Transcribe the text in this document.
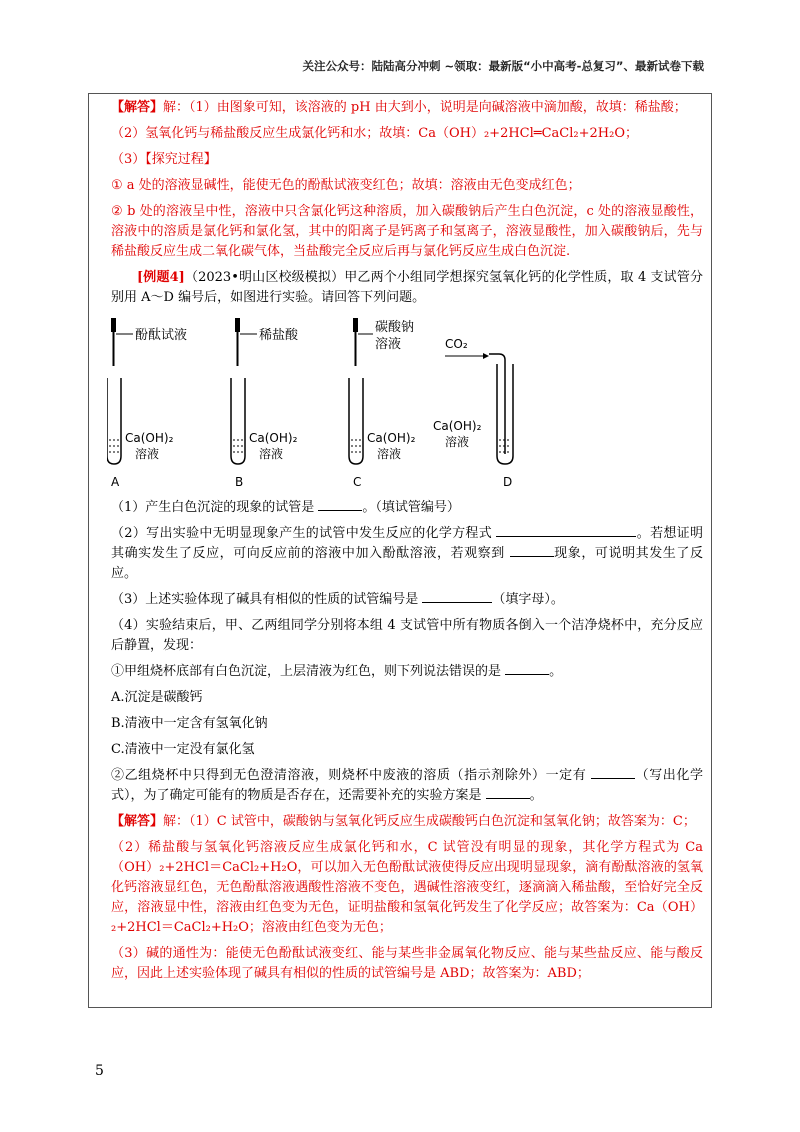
关注公众号：陆陆高分冲刺 ~领取：最新版“小中高考-总复习”、最新试卷下载

【解答】解：（1）由图象可知，该溶液的 pH 由大到小，说明是向碱溶液中滴加酸，故填：稀盐酸；

（2）氢氧化钙与稀盐酸反应生成氯化钙和水；故填：Ca（OH）₂+2HCl═CaCl₂+2H₂O；

（3）【探究过程】

① a 处的溶液显碱性，能使无色的酚酞试液变红色；故填：溶液由无色变成红色；

② b 处的溶液呈中性，溶液中只含氯化钙这种溶质，加入碳酸钠后产生白色沉淀，c 处的溶液显酸性，溶液中的溶质是氯化钙和氯化氢，其中的阳离子是钙离子和氢离子，溶液显酸性，加入碳酸钠后，先与稀盐酸反应生成二氧化碳气体，当盐酸完全反应后再与氯化钙反应生成白色沉淀.

[例题4]（2023•明山区校级模拟）甲乙两个小组同学想探究氢氧化钙的化学性质，取 4 支试管分别用 A～D 编号后，如图进行实验。请回答下列问题。

酚酞试液
Ca(OH)₂
溶液
A
稀盐酸
Ca(OH)₂
溶液
B
碳酸钠
溶液
Ca(OH)₂
溶液
C
CO₂
Ca(OH)₂
溶液
D

（1）产生白色沉淀的现象的试管是	。（填试管编号）

（2）写出实验中无明显现象产生的试管中发生反应的化学方程式	。若想证明其确实发生了反应，可向反应前的溶液中加入酚酞溶液，若观察到	现象，可说明其发生了反应。

（3）上述实验体现了碱具有相似的性质的试管编号是	（填字母）。

（4）实验结束后，甲、乙两组同学分别将本组 4 支试管中所有物质各倒入一个洁净烧杯中，充分反应后静置，发现：

①甲组烧杯底部有白色沉淀，上层清液为红色，则下列说法错误的是	。

A.沉淀是碳酸钙

B.清液中一定含有氢氧化钠

C.清液中一定没有氯化氢

②乙组烧杯中只得到无色澄清溶液，则烧杯中废液的溶质（指示剂除外）一定有	（写出化学式），为了确定可能有的物质是否存在，还需要补充的实验方案是	。

【解答】解：（1）C 试管中，碳酸钠与氢氧化钙反应生成碳酸钙白色沉淀和氢氧化钠；故答案为：C；

（2）稀盐酸与氢氧化钙溶液反应生成氯化钙和水，C 试管没有明显的现象，其化学方程式为 Ca（OH）₂+2HCl＝CaCl₂+H₂O，可以加入无色酚酞试液使得反应出现明显现象，滴有酚酞溶液的氢氧化钙溶液显红色，无色酚酞溶液遇酸性溶液不变色，遇碱性溶液变红，逐滴滴入稀盐酸，至恰好完全反应，溶液显中性，溶液由红色变为无色，证明盐酸和氢氧化钙发生了化学反应；故答案为：Ca（OH）₂+2HCl＝CaCl₂+H₂O；溶液由红色变为无色；

（3）碱的通性为：能使无色酚酞试液变红、能与某些非金属氧化物反应、能与某些盐反应、能与酸反应，因此上述实验体现了碱具有相似的性质的试管编号是 ABD；故答案为：ABD；

5
